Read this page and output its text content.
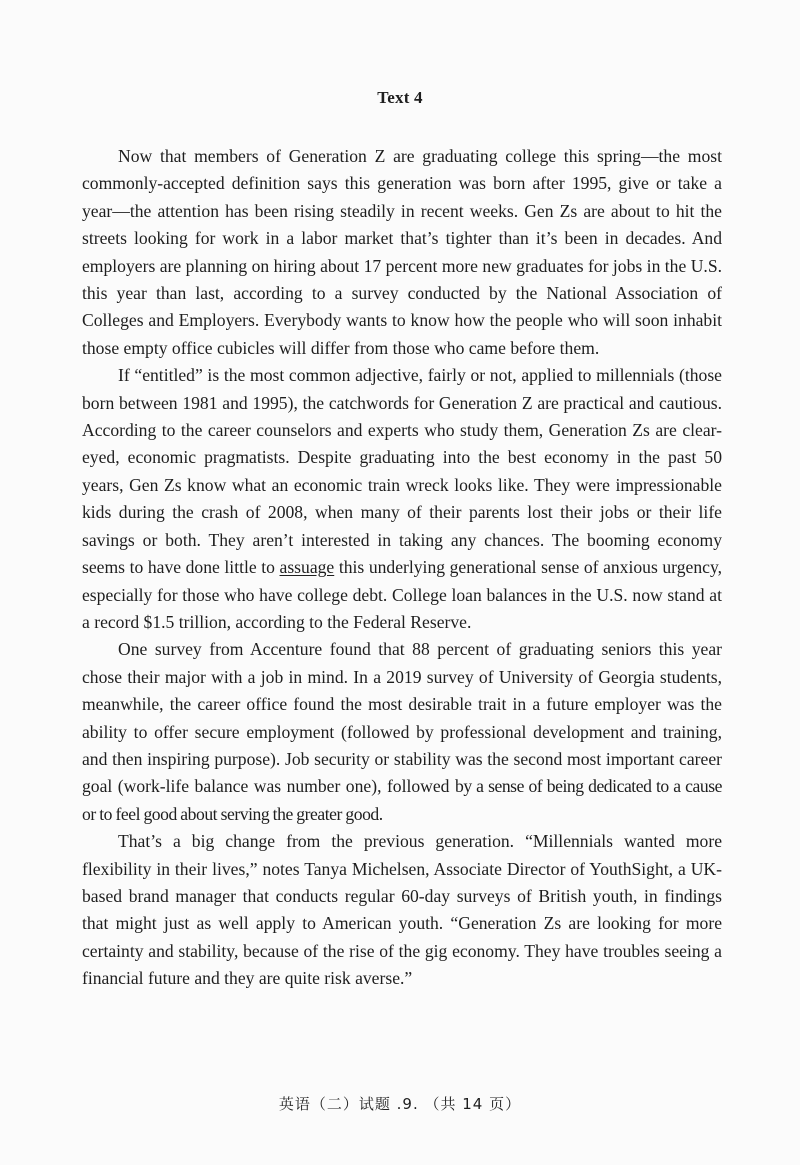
Text 4

Now that members of Generation Z are graduating college this spring—the most commonly-accepted definition says this generation was born after 1995, give or take a year—the attention has been rising steadily in recent weeks. Gen Zs are about to hit the streets looking for work in a labor market that’s tighter than it’s been in decades. And employers are planning on hiring about 17 percent more new graduates for jobs in the U.S. this year than last, according to a survey conducted by the National Association of Colleges and Employers. Everybody wants to know how the people who will soon inhabit those empty office cubicles will differ from those who came before them.

If “entitled” is the most common adjective, fairly or not, applied to millennials (those born between 1981 and 1995), the catchwords for Generation Z are practical and cautious. According to the career counselors and experts who study them, Generation Zs are clear-eyed, economic pragmatists. Despite graduating into the best economy in the past 50 years, Gen Zs know what an economic train wreck looks like. They were impressionable kids during the crash of 2008, when many of their parents lost their jobs or their life savings or both. They aren’t interested in taking any chances. The booming economy seems to have done little to assuage this underlying generational sense of anxious urgency, especially for those who have college debt. College loan balances in the U.S. now stand at a record $1.5 trillion, according to the Federal Reserve.

One survey from Accenture found that 88 percent of graduating seniors this year chose their major with a job in mind. In a 2019 survey of University of Georgia students, meanwhile, the career office found the most desirable trait in a future employer was the ability to offer secure employment (followed by professional development and training, and then inspiring purpose). Job security or stability was the second most important career goal (work-life balance was number one), followed by a sense of being dedicated to a cause or to feel good about serving the greater good.

That’s a big change from the previous generation. “Millennials wanted more flexibility in their lives,” notes Tanya Michelsen, Associate Director of YouthSight, a UK-based brand manager that conducts regular 60-day surveys of British youth, in findings that might just as well apply to American youth. “Generation Zs are looking for more certainty and stability, because of the rise of the gig economy. They have troubles seeing a financial future and they are quite risk averse.”

英语（二）试题 .9. （共 14 页）
